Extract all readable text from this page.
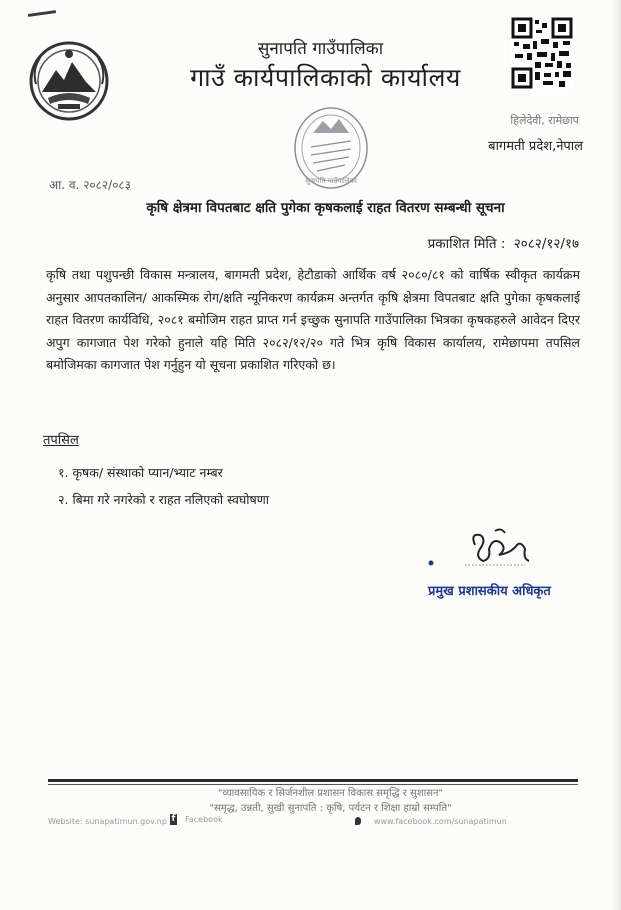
सुनापति गाउँपालिका
गाउँ कार्यपालिकाको कार्यालय
सुनापति गाउँपालिका
हिलेदेवी, रामेछाप
बागमती प्रदेश,नेपाल
आ. व. २०८२/०८३
कृषि क्षेत्रमा विपतबाट क्षति पुगेका कृषकलाई राहत वितरण सम्बन्धी सूचना
प्रकाशित मिति : २०८२/१२/१७
कृषि तथा पशुपन्छी विकास मन्त्रालय, बागमती प्रदेश, हेटौडाको आर्थिक वर्ष २०८०/८१ को वार्षिक स्वीकृत कार्यक्रम अनुसार आपतकालिन/ आकस्मिक रोग/क्षति न्यूनिकरण कार्यक्रम अन्तर्गत कृषि क्षेत्रमा विपतबाट क्षति पुगेका कृषकलाई राहत वितरण कार्यविधि, २०८१ बमोजिम राहत प्राप्त गर्न इच्छुक सुनापति गाउँपालिका भित्रका कृषकहरुले आवेदन दिएर अपुग कागजात पेश गरेको हुनाले यहि मिति २०८२/१२/२० गते भित्र कृषि विकास कार्यालय, रामेछापमा तपसिल बमोजिमका कागजात पेश गर्नुहुन यो सूचना प्रकाशित गरिएको छ।
तपसिल
१. कृषक/ संस्थाको प्यान/भ्याट नम्बर
२. बिमा गरे नगरेको र राहत नलिएको स्वघोषणा
प्रमुख प्रशासकीय अधिकृत
"व्यावसायिक र सिर्जनशील प्रशासन विकास समृद्धि र सुशासन"
"समृद्ध, उन्नती, सुखी सुनापति : कृषि, पर्यटन र शिक्षा हाम्रो सम्पति"
Website: sunapatimun.gov.np f Facebook	www.facebook.com/sunapatimun
